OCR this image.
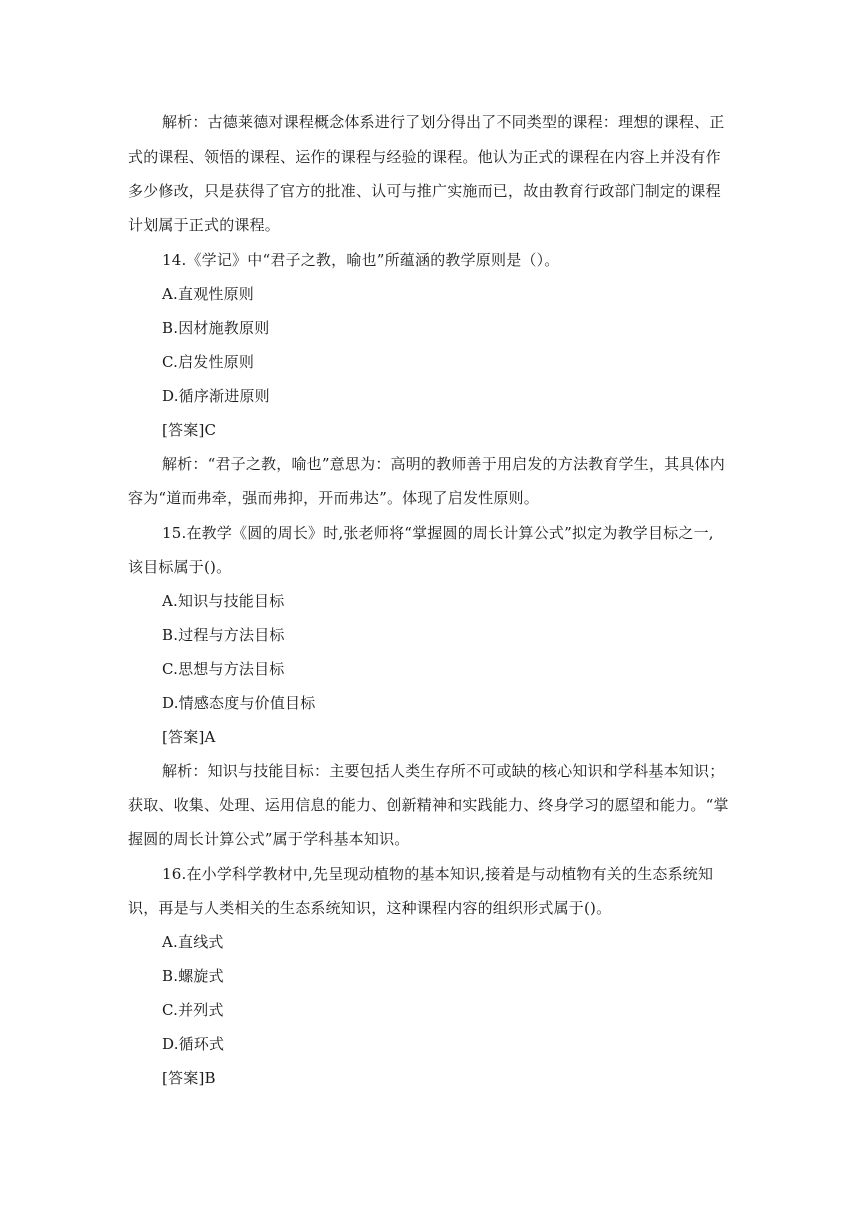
解析：古德莱德对课程概念体系进行了划分得出了不同类型的课程：理想的课程、正
式的课程、领悟的课程、运作的课程与经验的课程。他认为正式的课程在内容上并没有作
多少修改，只是获得了官方的批准、认可与推广实施而已，故由教育行政部门制定的课程
计划属于正式的课程。
14.《学记》中“君子之教，喻也”所蕴涵的教学原则是（）。
A.直观性原则
B.因材施教原则
C.启发性原则
D.循序渐进原则
[答案]C
解析：“君子之教，喻也”意思为：高明的教师善于用启发的方法教育学生，其具体内
容为“道而弗牵，强而弗抑，开而弗达”。体现了启发性原则。
15.在教学《圆的周长》时,张老师将“掌握圆的周长计算公式”拟定为教学目标之一,
该目标属于()。
A.知识与技能目标
B.过程与方法目标
C.思想与方法目标
D.情感态度与价值目标
[答案]A
解析：知识与技能目标：主要包括人类生存所不可或缺的核心知识和学科基本知识；
获取、收集、处理、运用信息的能力、创新精神和实践能力、终身学习的愿望和能力。“掌
握圆的周长计算公式”属于学科基本知识。
16.在小学科学教材中,先呈现动植物的基本知识,接着是与动植物有关的生态系统知
识，再是与人类相关的生态系统知识，这种课程内容的组织形式属于()。
A.直线式
B.螺旋式
C.并列式
D.循环式
[答案]B
